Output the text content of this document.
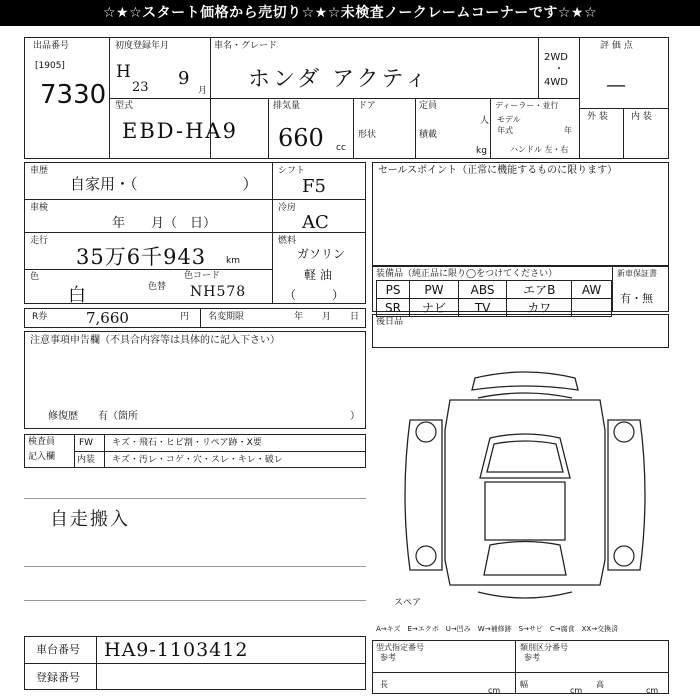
☆★☆スタート価格から売切り☆★☆未検査ノークレームコーナーです☆★☆
出品番号
[1905]
7330
初度登録年月
H
23 9
月
車名・グレード
ホンダ アクティ
2WD
・
4WD
評 価 点
—
外 装	内 装
型式
EBD-HA9
排気量
660 cc
ドア
形状
定員
人
積載
kg
ディーラー・並行
モデル
年式	年
ハンドル 左・右
車歴
自家用・（　　　　　　　）
シフト
F5
車検
年　　月（　日）
冷房
AC
走行
35万6千943 km
燃料
ガソリン
軽 油
（　　　）
色
白	色替
色コード
NH578
R券	7,660	円 名変期限	年 月 日
注意事項申告欄（不具合内容等は具体的に記入下さい）
修復歴　　有（箇所	）
検査員
記入欄
FW キズ・飛石・ヒビ割・リペア跡・X要
内装 キズ・汚レ・コゲ・穴・スレ・キレ・破レ
自走搬入
車台番号 HA9-1103412
登録番号
セールスポイント（正常に機能するものに限ります）
装備品（純正品に限り◯をつけてください）	新車保証書
有・無
PS	PW	ABS	エアB	AW
SR	ナビ	TV	カワ	
後日品
スペア
A→キズ　E→エクボ　U→凹み　W→補修跡　S→サビ　C→腐食　XX→交換済
型式指定番号
参考
類別区分番号
参考
長
cm
幅
cm
高
cm
